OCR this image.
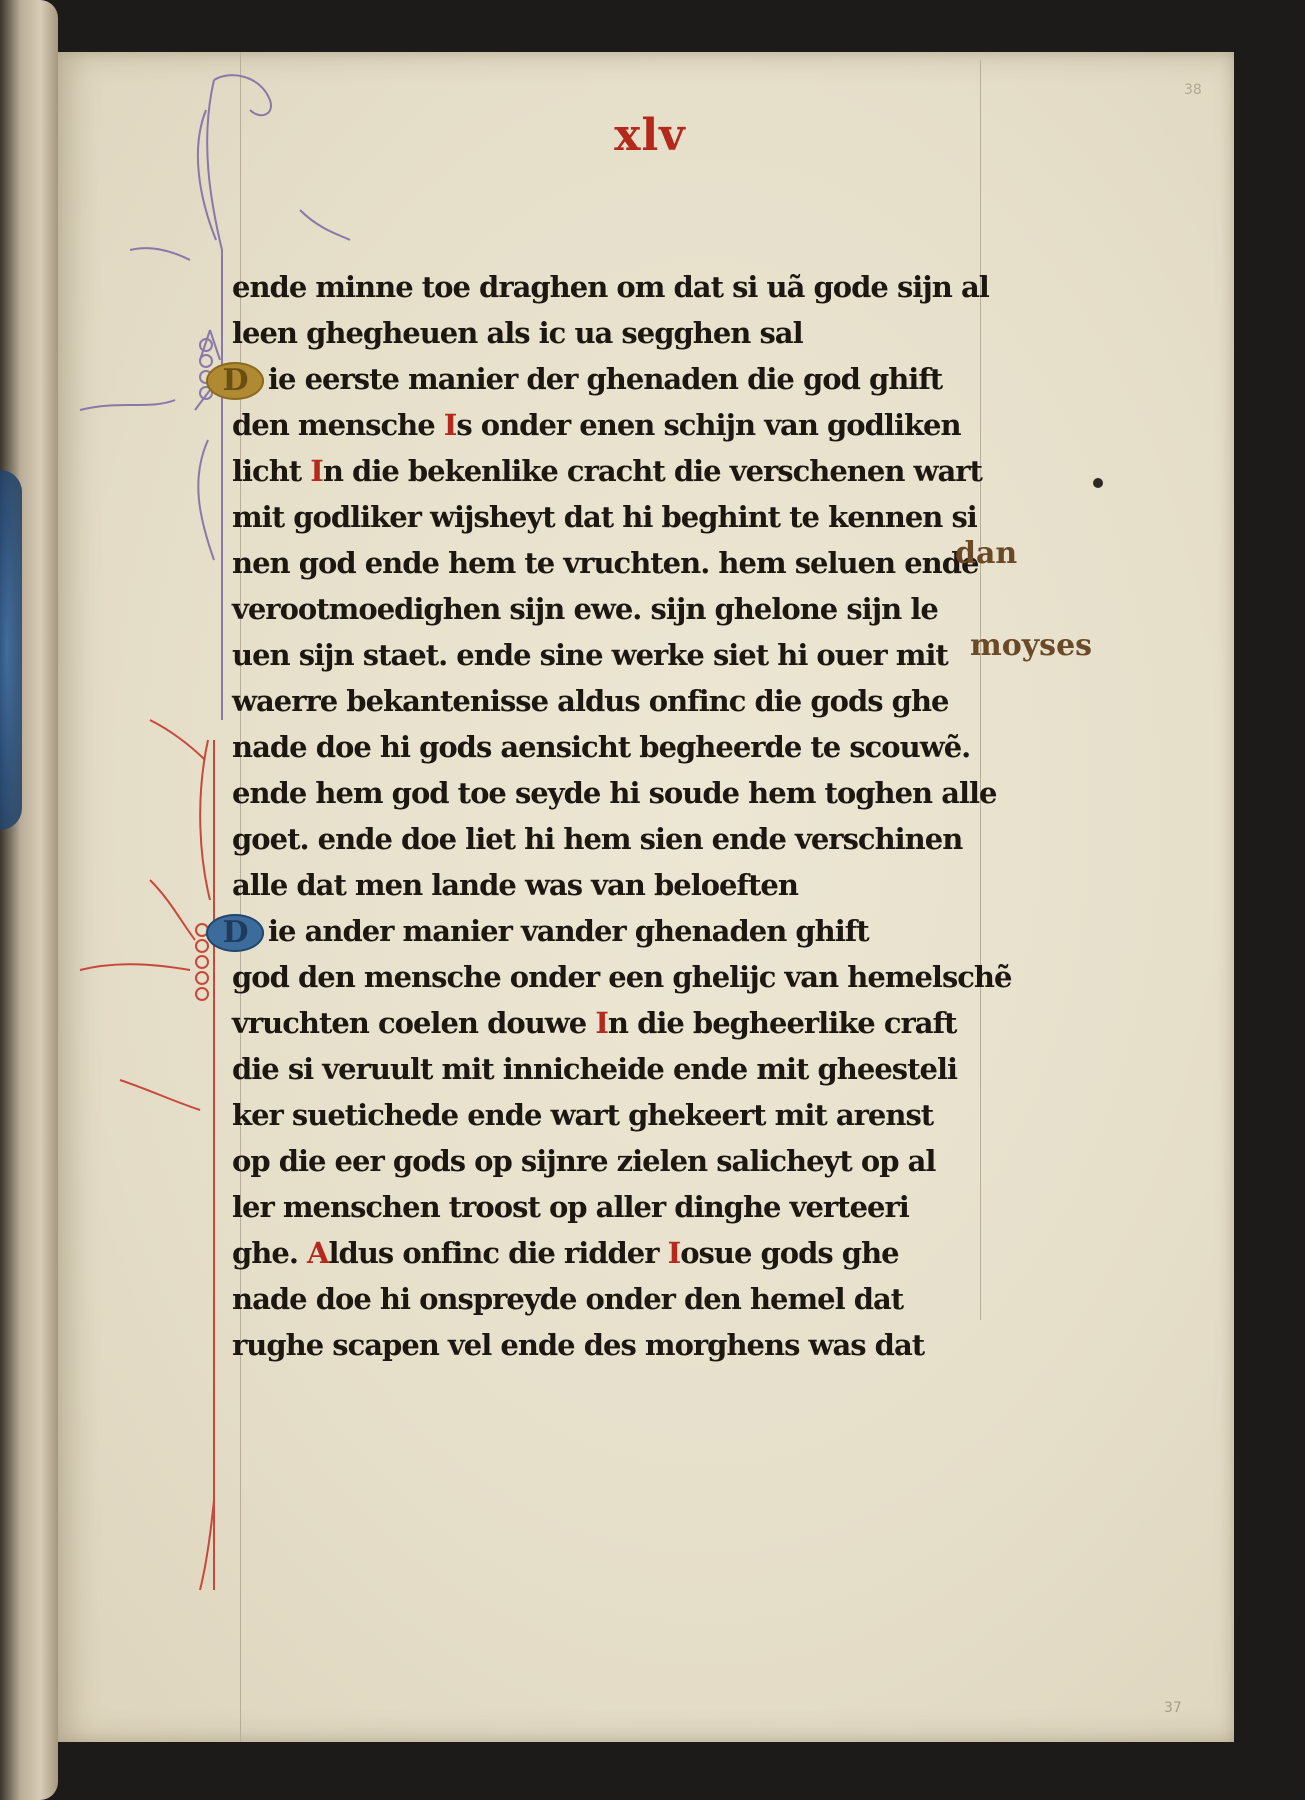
xlv
38
37
ende minne toe draghen om dat si uã gode sijn al
leen ghegheuen als ic ua segghen sal
D ie eerste manier der ghenaden die god ghift
den mensche Is onder enen schijn van godliken
licht In die bekenlike cracht die verschenen wart
mit godliker wijsheyt dat hi beghint te kennen si
nen god ende hem te vruchten. hem seluen ende
verootmoedighen sijn ewe. sijn ghelone sijn le
uen sijn staet. ende sine werke siet hi ouer mit
waerre bekantenisse aldus onfinc die gods ghe
nade doe hi gods aensicht begheerde te scouwẽ.
ende hem god toe seyde hi soude hem toghen alle
goet. ende doe liet hi hem sien ende verschinen
alle dat men lande was van beloeften
D ie ander manier vander ghenaden ghift
god den mensche onder een ghelijc van hemelschẽ
vruchten coelen douwe In die begheerlike craft
die si veruult mit innicheide ende mit gheesteli
ker suetichede ende wart ghekeert mit arenst
op die eer gods op sijnre zielen salicheyt op al
ler menschen troost op aller dinghe verteeri
ghe. Aldus onfinc die ridder Iosue gods ghe
nade doe hi onspreyde onder den hemel dat
rughe scapen vel ende des morghens was dat
dan
moyses
